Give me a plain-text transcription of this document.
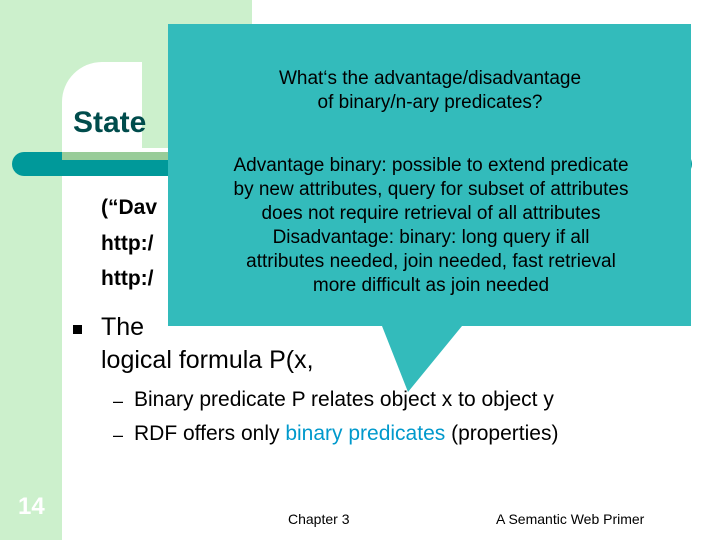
State
(“Dav
http:/
http:/
The
logical formula P(x,
– Binary predicate P relates object x to object y
– RDF offers only binary predicates (properties)
14	Chapter 3	A Semantic Web Primer
What‘s the advantage/disadvantage
of binary/n-ary predicates?
Advantage binary: possible to extend predicate
by new attributes, query for subset of attributes
does not require retrieval of all attributes
Disadvantage: binary: long query if all
attributes needed, join needed, fast retrieval
more difficult as join needed
